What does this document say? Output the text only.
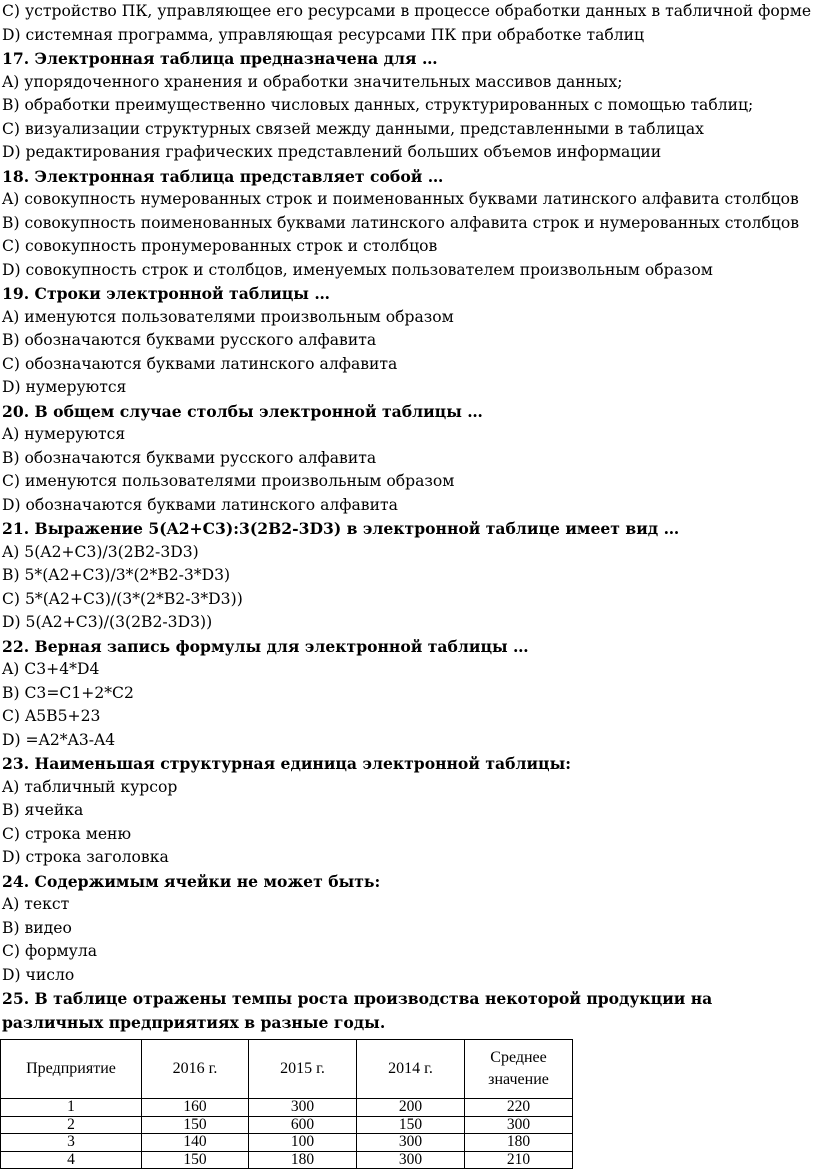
C) устройство ПК, управляющее его ресурсами в процессе обработки данных в табличной форме
D) системная программа, управляющая ресурсами ПК при обработке таблиц
17. Электронная таблица предназначена для …
A) упорядоченного хранения и обработки значительных массивов данных;
B) обработки преимущественно числовых данных, структурированных с помощью таблиц;
C) визуализации структурных связей между данными, представленными в таблицах
D) редактирования графических представлений больших объемов информации
18. Электронная таблица представляет собой …
A) совокупность нумерованных строк и поименованных буквами латинского алфавита столбцов
B) совокупность поименованных буквами латинского алфавита строк и нумерованных столбцов
C) совокупность пронумерованных строк и столбцов
D) совокупность строк и столбцов, именуемых пользователем произвольным образом
19. Строки электронной таблицы …
A) именуются пользователями произвольным образом
B) обозначаются буквами русского алфавита
C) обозначаются буквами латинского алфавита
D) нумеруются
20. В общем случае столбы электронной таблицы …
A) нумеруются
B) обозначаются буквами русского алфавита
C) именуются пользователями произвольным образом
D) обозначаются буквами латинского алфавита
21. Выражение 5(A2+C3):3(2B2-3D3) в электронной таблице имеет вид …
A) 5(A2+C3)/3(2B2-3D3)
B) 5*(A2+C3)/3*(2*B2-3*D3)
C) 5*(A2+C3)/(3*(2*B2-3*D3))
D) 5(A2+C3)/(3(2B2-3D3))
22. Верная запись формулы для электронной таблицы …
A) C3+4*D4
B) C3=C1+2*C2
C) A5B5+23
D) =A2*A3-A4
23. Наименьшая структурная единица электронной таблицы:
A) табличный курсор
B) ячейка
C) строка меню
D) строка заголовка
24. Содержимым ячейки не может быть:
A) текст
B) видео
C) формула
D) число
25. В таблице отражены темпы роста производства некоторой продукции на различных предприятиях в разные годы.
Предприятие	2016 г.	2015 г.	2014 г.	Среднее значение
1	160	300	200	220
2	150	600	150	300
3	140	100	300	180
4	150	180	300	210
